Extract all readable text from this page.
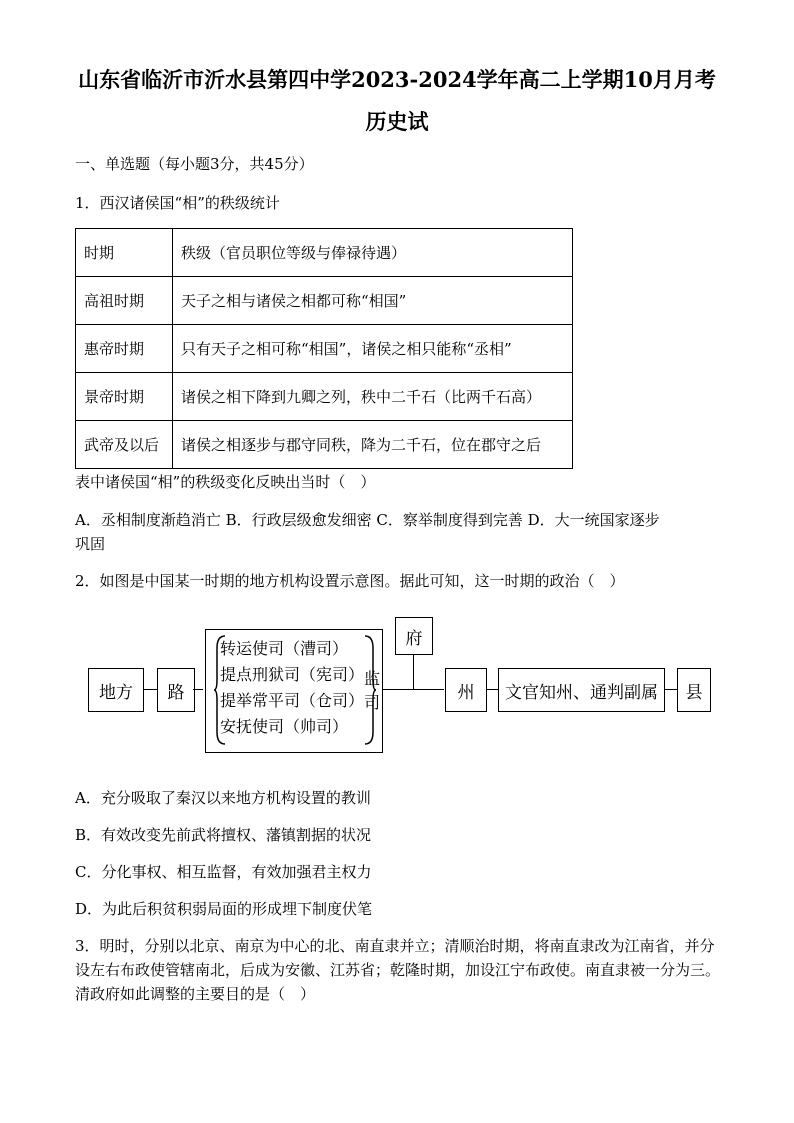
山东省临沂市沂水县第四中学2023-2024学年高二上学期10月月考
历史试
一、单选题（每小题3分，共45分）
1．西汉诸侯国“相”的秩级统计
时期	秩级（官员职位等级与俸禄待遇）
高祖时期	天子之相与诸侯之相都可称“相国”
惠帝时期	只有天子之相可称“相国”，诸侯之相只能称“丞相”
景帝时期	诸侯之相下降到九卿之列，秩中二千石（比两千石高）
武帝及以后	诸侯之相逐步与郡守同秩，降为二千石，位在郡守之后
表中诸侯国“相”的秩级变化反映出当时（　）
A．丞相制度渐趋消亡 B．行政层级愈发细密 C．察举制度得到完善 D．大一统国家逐步
巩固
2．如图是中国某一时期的地方机构设置示意图。据此可知，这一时期的政治（　）
地方	路
转运使司（漕司）
提点刑狱司（宪司）
提举常平司（仓司）
安抚使司（帅司）
监司
府
州	文官知州、通判副属	县
A．充分吸取了秦汉以来地方机构设置的教训
B．有效改变先前武将擅权、藩镇割据的状况
C．分化事权、相互监督，有效加强君主权力
D．为此后积贫积弱局面的形成埋下制度伏笔
3．明时，分别以北京、南京为中心的北、南直隶并立；清顺治时期，将南直隶改为江南省，并分设左右布政使管辖南北，后成为安徽、江苏省；乾隆时期，加设江宁布政使。南直隶被一分为三。清政府如此调整的主要目的是（　）
